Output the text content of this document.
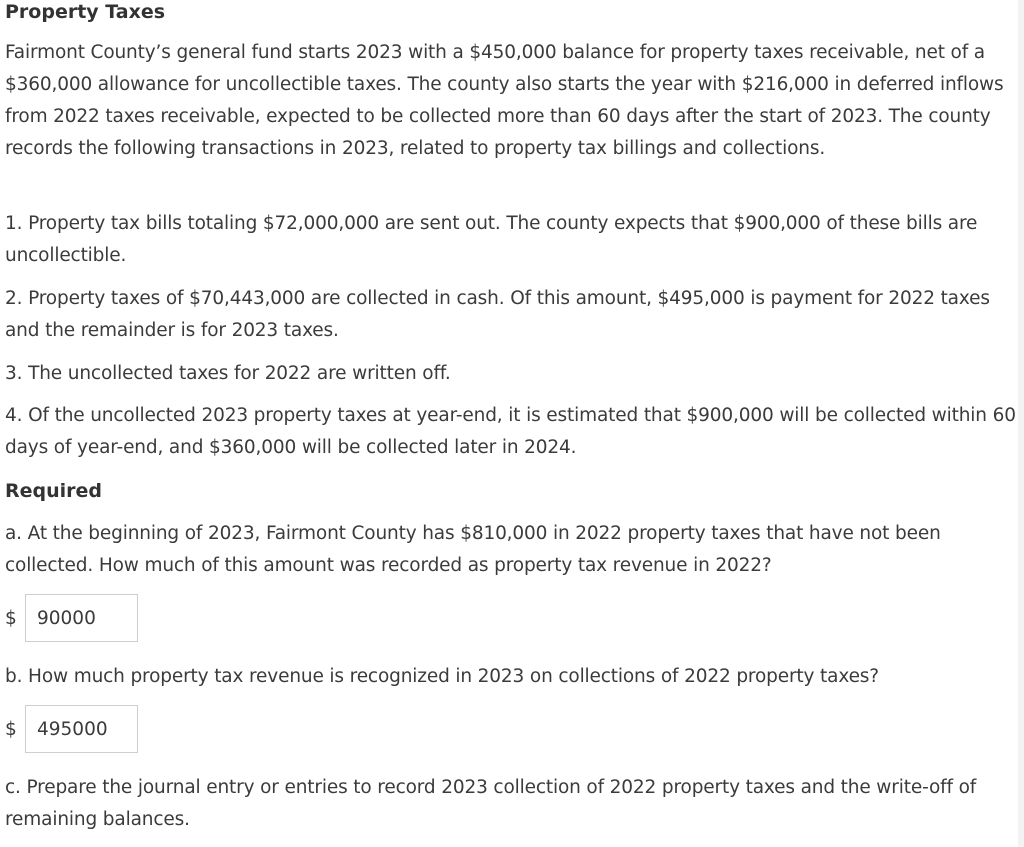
Property Taxes

Fairmont County’s general fund starts 2023 with a $450,000 balance for property taxes receivable, net of a $360,000 allowance for uncollectible taxes. The county also starts the year with $216,000 in deferred inflows from 2022 taxes receivable, expected to be collected more than 60 days after the start of 2023. The county records the following transactions in 2023, related to property tax billings and collections.

1. Property tax bills totaling $72,000,000 are sent out. The county expects that $900,000 of these bills are uncollectible.

2. Property taxes of $70,443,000 are collected in cash. Of this amount, $495,000 is payment for 2022 taxes and the remainder is for 2023 taxes.

3. The uncollected taxes for 2022 are written off.

4. Of the uncollected 2023 property taxes at year-end, it is estimated that $900,000 will be collected within 60 days of year-end, and $360,000 will be collected later in 2024.

Required

a. At the beginning of 2023, Fairmont County has $810,000 in 2022 property taxes that have not been collected. How much of this amount was recorded as property tax revenue in 2022?

$	90000

b. How much property tax revenue is recognized in 2023 on collections of 2022 property taxes?

$	495000

c. Prepare the journal entry or entries to record 2023 collection of 2022 property taxes and the write-off of remaining balances.
